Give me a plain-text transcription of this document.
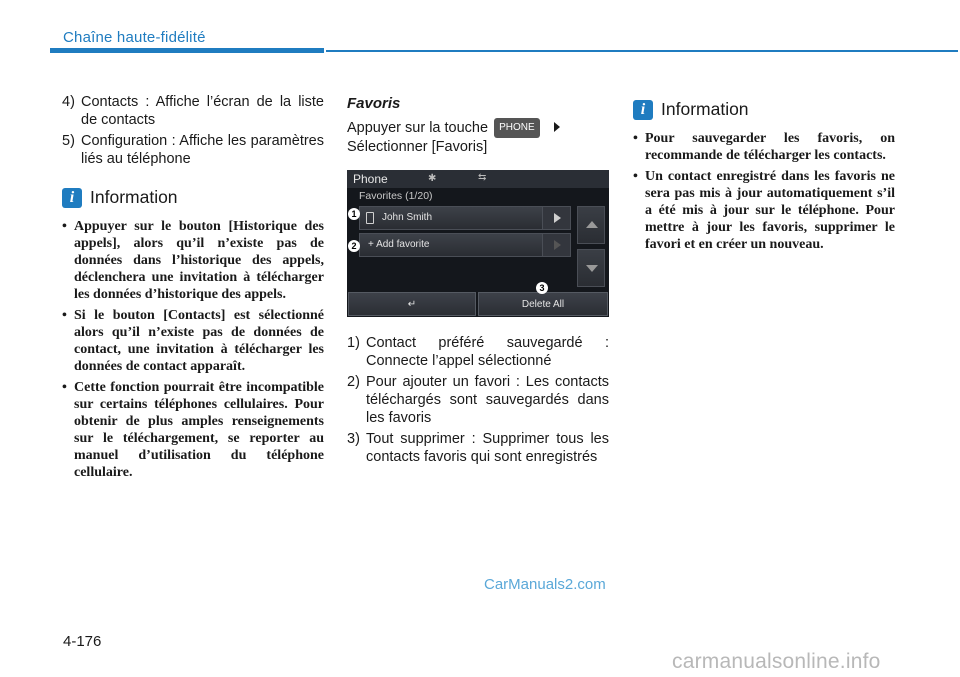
Chaîne haute-fidélité
4) Contacts : Affiche l’écran de la liste de contacts
5) Configuration : Affiche les paramètres liés au téléphone
i Information
• Appuyer sur le bouton [Historique des appels], alors qu’il n’existe pas de données dans l’historique des appels, déclenchera une invitation à télécharger les données d’historique des appels.
• Si le bouton [Contacts] est sélectionné alors qu’il n’existe pas de données de contact, une invitation à télécharger les données de contact apparaît.
• Cette fonction pourrait être incompatible sur certains téléphones cellulaires. Pour obtenir de plus amples renseignements sur le téléchargement, se reporter au manuel d’utilisation du téléphone cellulaire.
Favoris
Appuyer sur la touche PHONE
Sélectionner [Favoris]
Phone	✱	⇆
Favorites (1/20)
John Smith
+ Add favorite
↵	Delete All
1
2
3
1) Contact préféré sauvegardé : Connecte l’appel sélectionné
2) Pour ajouter un favori : Les contacts téléchargés sont sauvegardés dans les favoris
3) Tout supprimer : Supprimer tous les contacts favoris qui sont enregistrés
i Information
• Pour sauvegarder les favoris, on recommande de télécharger les contacts.
• Un contact enregistré dans les favoris ne sera pas mis à jour automatiquement s’il a été mis à jour sur le téléphone. Pour mettre à jour les favoris, supprimer le favori et en créer un nouveau.
CarManuals2.com
4-176
carmanualsonline.info
